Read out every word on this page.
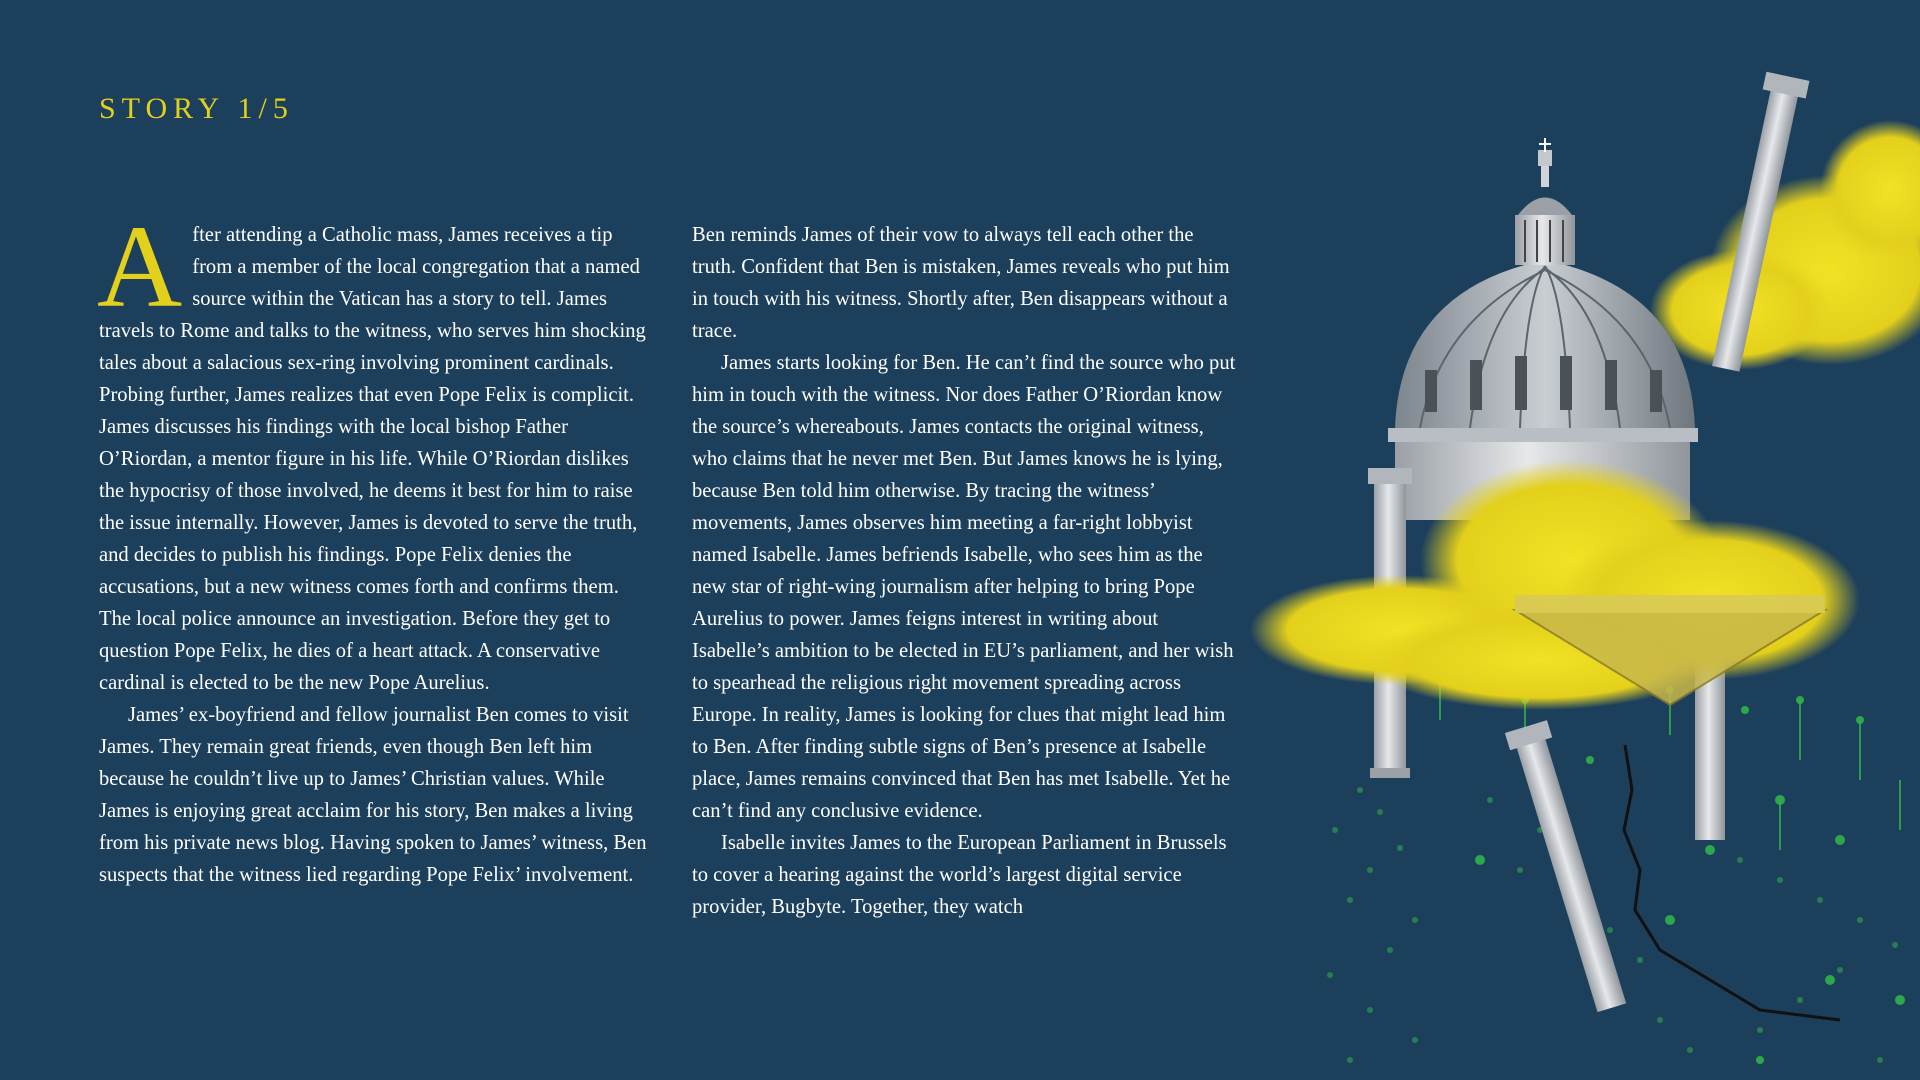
STORY 1/5
A fter attending a Catholic mass, James receives a tip from a member of the local congregation that a named source within the Vatican has a story to tell. James travels to Rome and talks to the witness, who serves him shocking tales about a salacious sex-ring involving prominent cardinals. Probing further, James realizes that even Pope Felix is complicit. James discusses his findings with the local bishop Father O’Riordan, a mentor figure in his life. While O’Riordan dislikes the hypocrisy of those involved, he deems it best for him to raise the issue internally. However, James is devoted to serve the truth, and decides to publish his findings. Pope Felix denies the accusations, but a new witness comes forth and confirms them. The local police announce an investigation. Before they get to question Pope Felix, he dies of a heart attack. A conservative cardinal is elected to be the new Pope Aurelius.

James’ ex-boyfriend and fellow journalist Ben comes to visit James. They remain great friends, even though Ben left him because he couldn’t live up to James’ Christian values. While James is enjoying great acclaim for his story, Ben makes a living from his private news blog. Having spoken to James’ witness, Ben suspects that the witness lied regarding Pope Felix’ involvement.

Ben reminds James of their vow to always tell each other the truth. Confident that Ben is mistaken, James reveals who put him in touch with his witness. Shortly after, Ben disappears without a trace.

James starts looking for Ben. He can’t find the source who put him in touch with the witness. Nor does Father O’Riordan know the source’s whereabouts. James contacts the original witness, who claims that he never met Ben. But James knows he is lying, because Ben told him otherwise. By tracing the witness’ movements, James observes him meeting a far-right lobbyist named Isabelle. James befriends Isabelle, who sees him as the new star of right-wing journalism after helping to bring Pope Aurelius to power. James feigns interest in writing about Isabelle’s ambition to be elected in EU’s parliament, and her wish to spearhead the religious right movement spreading across Europe. In reality, James is looking for clues that might lead him to Ben. After finding subtle signs of Ben’s presence at Isabelle place, James remains convinced that Ben has met Isabelle. Yet he can’t find any conclusive evidence.

Isabelle invites James to the European Parliament in Brussels to cover a hearing against the world’s largest digital service provider, Bugbyte. Together, they watch
